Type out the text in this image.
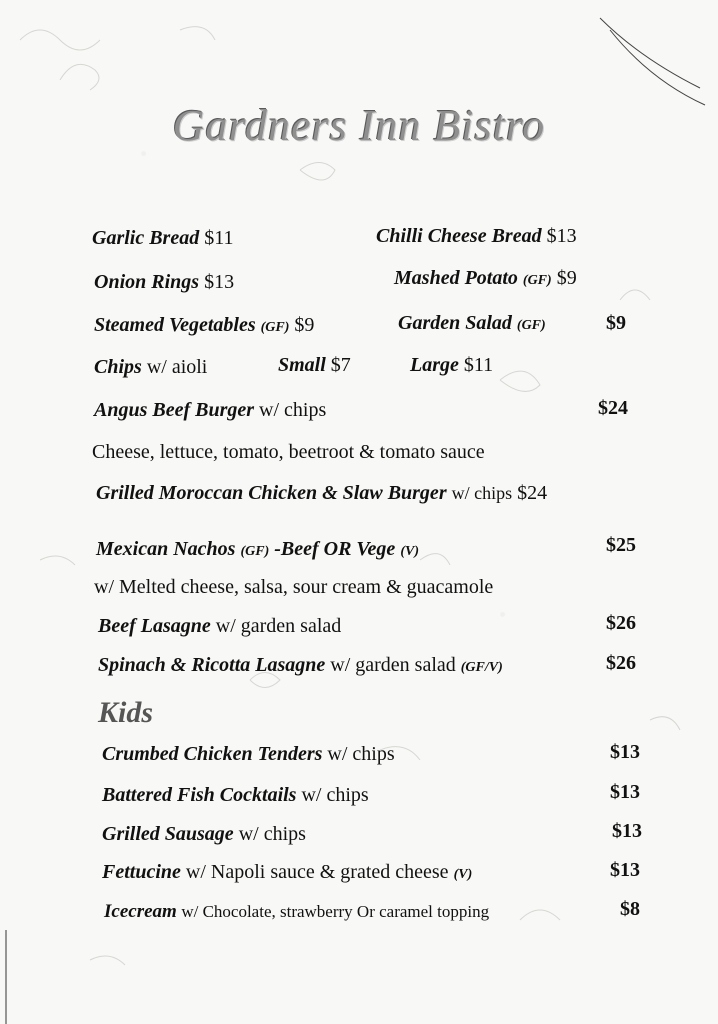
Gardners Inn Bistro
Garlic Bread $11	Chilli Cheese Bread $13
Onion Rings $13	Mashed Potato (GF) $9
Steamed Vegetables (GF) $9	Garden Salad (GF)	$9
Chips w/ aioli	Small $7	Large $11
Angus Beef Burger w/ chips	$24
Cheese, lettuce, tomato, beetroot & tomato sauce
Grilled Moroccan Chicken & Slaw Burger w/ chips $24
Mexican Nachos (GF) -Beef OR Vege (V)	$25
w/ Melted cheese, salsa, sour cream & guacamole
Beef Lasagne w/ garden salad	$26
Spinach & Ricotta Lasagne w/ garden salad (GF/V)	$26
Kids
Crumbed Chicken Tenders w/ chips	$13
Battered Fish Cocktails w/ chips	$13
Grilled Sausage w/ chips	$13
Fettucine w/ Napoli sauce & grated cheese (V)	$13
Icecream w/ Chocolate, strawberry Or caramel topping	$8
